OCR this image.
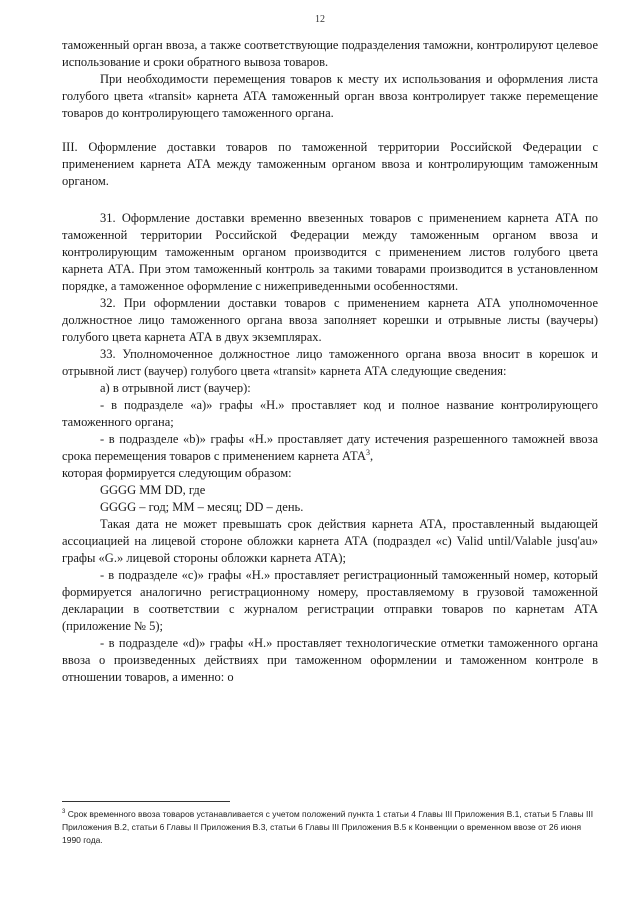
12

таможенный орган ввоза, а также соответствующие подразделения таможни, контролируют целевое использование и сроки обратного вывоза товаров.

При необходимости перемещения товаров к месту их использования и оформления листа голубого цвета «transit» карнета АТА таможенный орган ввоза контролирует также перемещение товаров до контролирующего таможенного органа.

III. Оформление доставки товаров по таможенной территории Российской Федерации с применением карнета АТА между таможенным органом ввоза и контролирующим таможенным органом.

31. Оформление доставки временно ввезенных товаров с применением карнета АТА по таможенной территории Российской Федерации между таможенным органом ввоза и контролирующим таможенным органом производится с применением листов голубого цвета карнета АТА. При этом таможенный контроль за такими товарами производится в установленном порядке, а таможенное оформление с нижеприведенными особенностями.

32. При оформлении доставки товаров с применением карнета АТА уполномоченное должностное лицо таможенного органа ввоза заполняет корешки и отрывные листы (ваучеры) голубого цвета карнета АТА в двух экземплярах.

33. Уполномоченное должностное лицо таможенного органа ввоза вносит в корешок и отрывной лист (ваучер) голубого цвета «transit» карнета АТА следующие сведения:

а) в отрывной лист (ваучер):

- в подразделе «a)» графы «H.» проставляет код и полное название контролирующего таможенного органа;

- в подразделе «b)» графы «H.» проставляет дату истечения разрешенного таможней ввоза срока перемещения товаров с применением карнета АТА$^3$,

которая формируется следующим образом:

GGGG MM DD, где

GGGG – год; MM – месяц; DD – день.

Такая дата не может превышать срок действия карнета АТА, проставленный выдающей ассоциацией на лицевой стороне обложки карнета АТА (подраздел «c) Valid until/Valable jusq'au» графы «G.» лицевой стороны обложки карнета АТА);

- в подразделе «c)» графы «H.» проставляет регистрационный таможенный номер, который формируется аналогично регистрационному номеру, проставляемому в грузовой таможенной декларации в соответствии с журналом регистрации отправки товаров по карнетам АТА (приложение № 5);

- в подразделе «d)» графы «H.» проставляет технологические отметки таможенного органа ввоза о произведенных действиях при таможенном оформлении и таможенном контроле в отношении товаров, а именно: о

$^3$ Срок временного ввоза товаров устанавливается с учетом положений пункта 1 статьи 4 Главы III Приложения B.1, статьи 5 Главы III Приложения B.2, статьи 6 Главы II Приложения B.3, статьи 6 Главы III Приложения B.5 к Конвенции о временном ввозе от 26 июня 1990 года.
